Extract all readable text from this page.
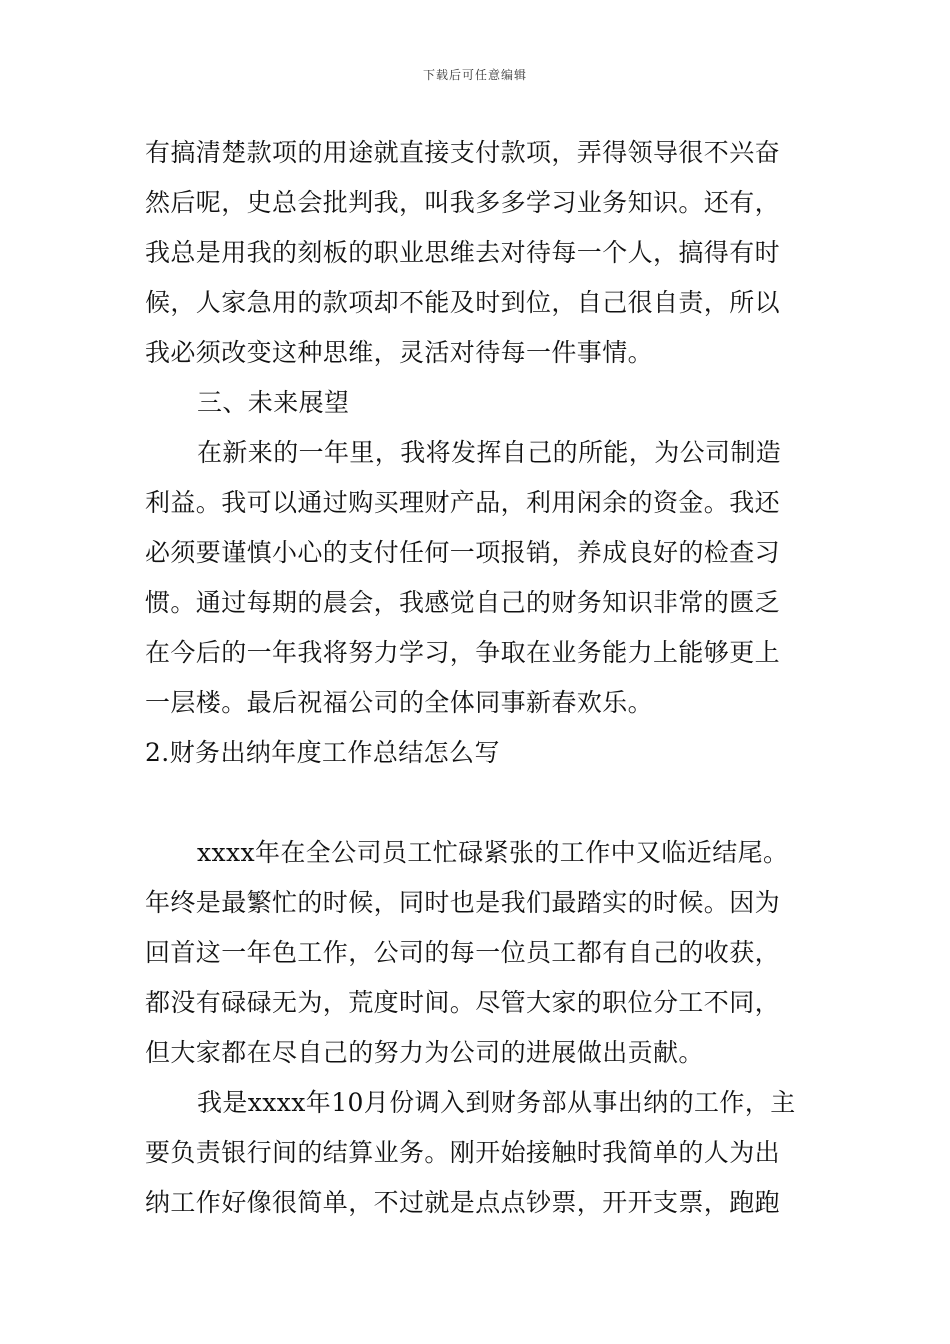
下载后可任意编辑
有搞清楚款项的用途就直接支付款项，弄得领导很不兴奋
然后呢，史总会批判我，叫我多多学习业务知识。还有，
我总是用我的刻板的职业思维去对待每一个人，搞得有时
候，人家急用的款项却不能及时到位，自己很自责，所以
我必须改变这种思维，灵活对待每一件事情。
三、未来展望
在新来的一年里，我将发挥自己的所能，为公司制造
利益。我可以通过购买理财产品，利用闲余的资金。我还
必须要谨慎小心的支付任何一项报销，养成良好的检查习
惯。通过每期的晨会，我感觉自己的财务知识非常的匮乏
在今后的一年我将努力学习，争取在业务能力上能够更上
一层楼。最后祝福公司的全体同事新春欢乐。
2.财务出纳年度工作总结怎么写
xxxx年在全公司员工忙碌紧张的工作中又临近结尾。
年终是最繁忙的时候，同时也是我们最踏实的时候。因为
回首这一年色工作，公司的每一位员工都有自己的收获，
都没有碌碌无为，荒度时间。尽管大家的职位分工不同，
但大家都在尽自己的努力为公司的进展做出贡献。
我是xxxx年10月份调入到财务部从事出纳的工作，主
要负责银行间的结算业务。刚开始接触时我简单的人为出
纳工作好像很简单，不过就是点点钞票，开开支票，跑跑
